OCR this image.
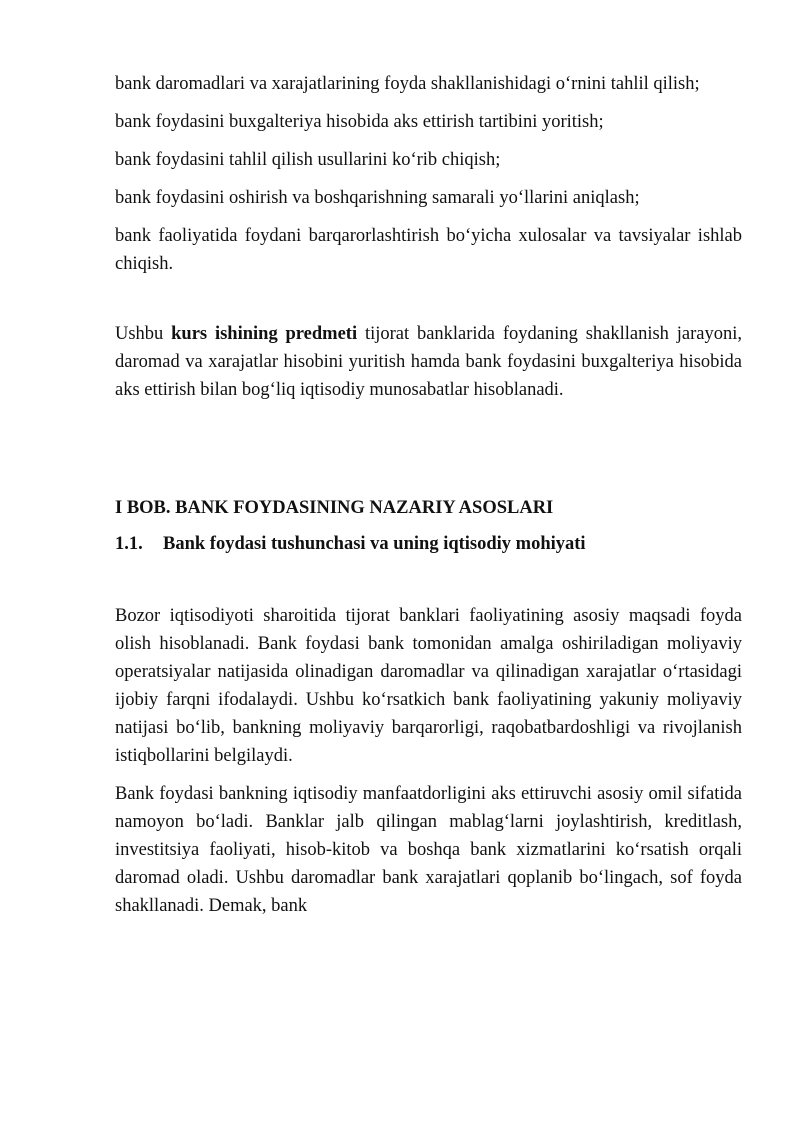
bank daromadlari va xarajatlarining foyda shakllanishidagi o‘rnini tahlil qilish;

bank foydasini buxgalteriya hisobida aks ettirish tartibini yoritish;

bank foydasini tahlil qilish usullarini ko‘rib chiqish;

bank foydasini oshirish va boshqarishning samarali yo‘llarini aniqlash;

bank faoliyatida foydani barqarorlashtirish bo‘yicha xulosalar va tavsiyalar ishlab chiqish.

Ushbu kurs ishining predmeti tijorat banklarida foydaning shakllanish jarayoni, daromad va xarajatlar hisobini yuritish hamda bank foydasini buxgalteriya hisobida aks ettirish bilan bog‘liq iqtisodiy munosabatlar hisoblanadi.

I BOB. BANK FOYDASINING NAZARIY ASOSLARI
1.1.	Bank foydasi tushunchasi va uning iqtisodiy mohiyati

Bozor iqtisodiyoti sharoitida tijorat banklari faoliyatining asosiy maqsadi foyda olish hisoblanadi. Bank foydasi bank tomonidan amalga oshiriladigan moliyaviy operatsiyalar natijasida olinadigan daromadlar va qilinadigan xarajatlar o‘rtasidagi ijobiy farqni ifodalaydi. Ushbu ko‘rsatkich bank faoliyatining yakuniy moliyaviy natijasi bo‘lib, bankning moliyaviy barqarorligi, raqobatbardoshligi va rivojlanish istiqbollarini belgilaydi.

Bank foydasi bankning iqtisodiy manfaatdorligini aks ettiruvchi asosiy omil sifatida namoyon bo‘ladi. Banklar jalb qilingan mablag‘larni joylashtirish, kreditlash, investitsiya faoliyati, hisob-kitob va boshqa bank xizmatlarini ko‘rsatish orqali daromad oladi. Ushbu daromadlar bank xarajatlari qoplanib bo‘lingach, sof foyda shakllanadi. Demak, bank
